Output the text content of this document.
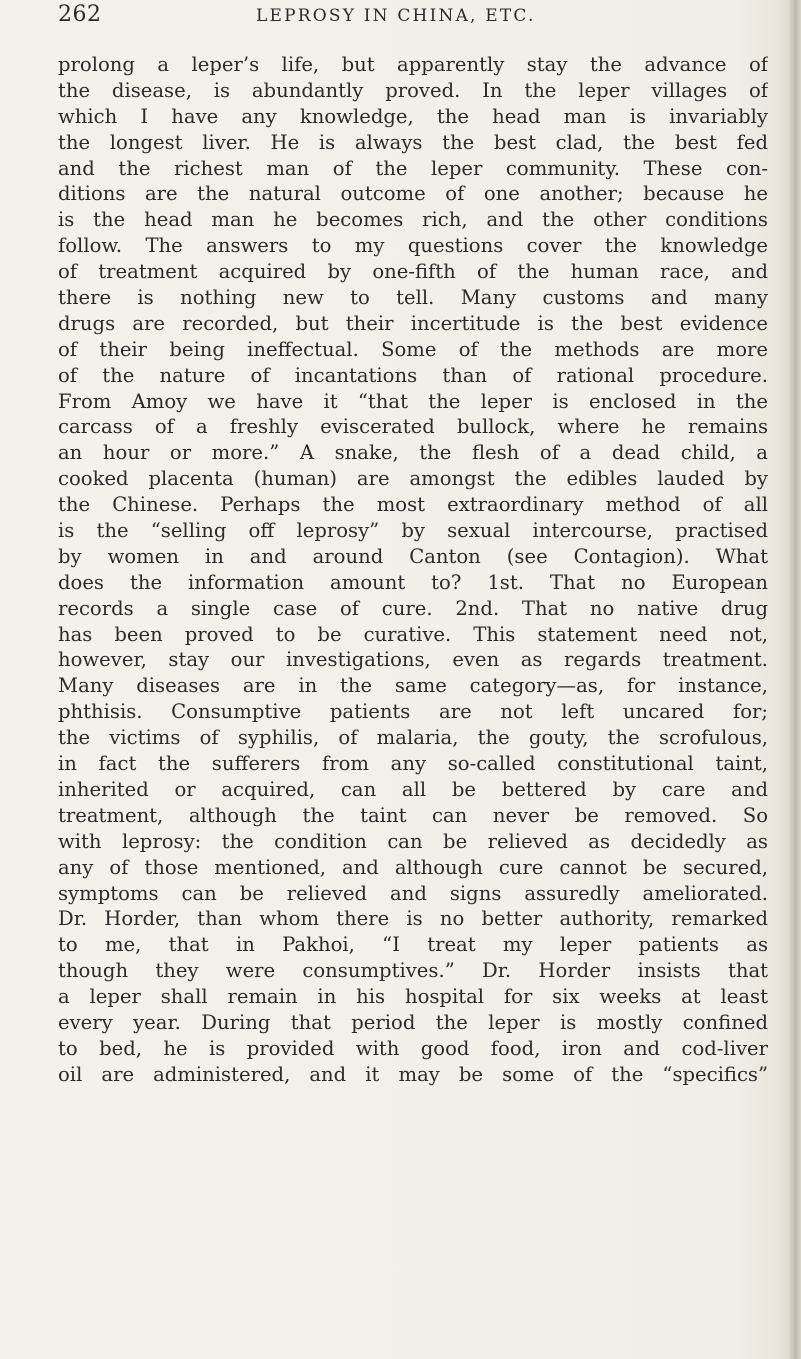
262	LEPROSY IN CHINA, ETC.
prolong a leper’s life, but apparently stay the advance of
the disease, is abundantly proved. In the leper villages of
which I have any knowledge, the head man is invariably
the longest liver. He is always the best clad, the best fed
and the richest man of the leper community. These con-
ditions are the natural outcome of one another; because he
is the head man he becomes rich, and the other conditions
follow. The answers to my questions cover the knowledge
of treatment acquired by one-fifth of the human race, and
there is nothing new to tell. Many customs and many
drugs are recorded, but their incertitude is the best evidence
of their being ineffectual. Some of the methods are more
of the nature of incantations than of rational procedure.
From Amoy we have it “that the leper is enclosed in the
carcass of a freshly eviscerated bullock, where he remains
an hour or more.” A snake, the flesh of a dead child, a
cooked placenta (human) are amongst the edibles lauded by
the Chinese. Perhaps the most extraordinary method of all
is the “selling off leprosy” by sexual intercourse, practised
by women in and around Canton (see Contagion). What
does the information amount to? 1st. That no European
records a single case of cure. 2nd. That no native drug
has been proved to be curative. This statement need not,
however, stay our investigations, even as regards treatment.
Many diseases are in the same category—as, for instance,
phthisis. Consumptive patients are not left uncared for;
the victims of syphilis, of malaria, the gouty, the scrofulous,
in fact the sufferers from any so-called constitutional taint,
inherited or acquired, can all be bettered by care and
treatment, although the taint can never be removed. So
with leprosy: the condition can be relieved as decidedly as
any of those mentioned, and although cure cannot be secured,
symptoms can be relieved and signs assuredly ameliorated.
Dr. Horder, than whom there is no better authority, remarked
to me, that in Pakhoi, “I treat my leper patients as
though they were consumptives.” Dr. Horder insists that
a leper shall remain in his hospital for six weeks at least
every year. During that period the leper is mostly confined
to bed, he is provided with good food, iron and cod-liver
oil are administered, and it may be some of the “specifics”
